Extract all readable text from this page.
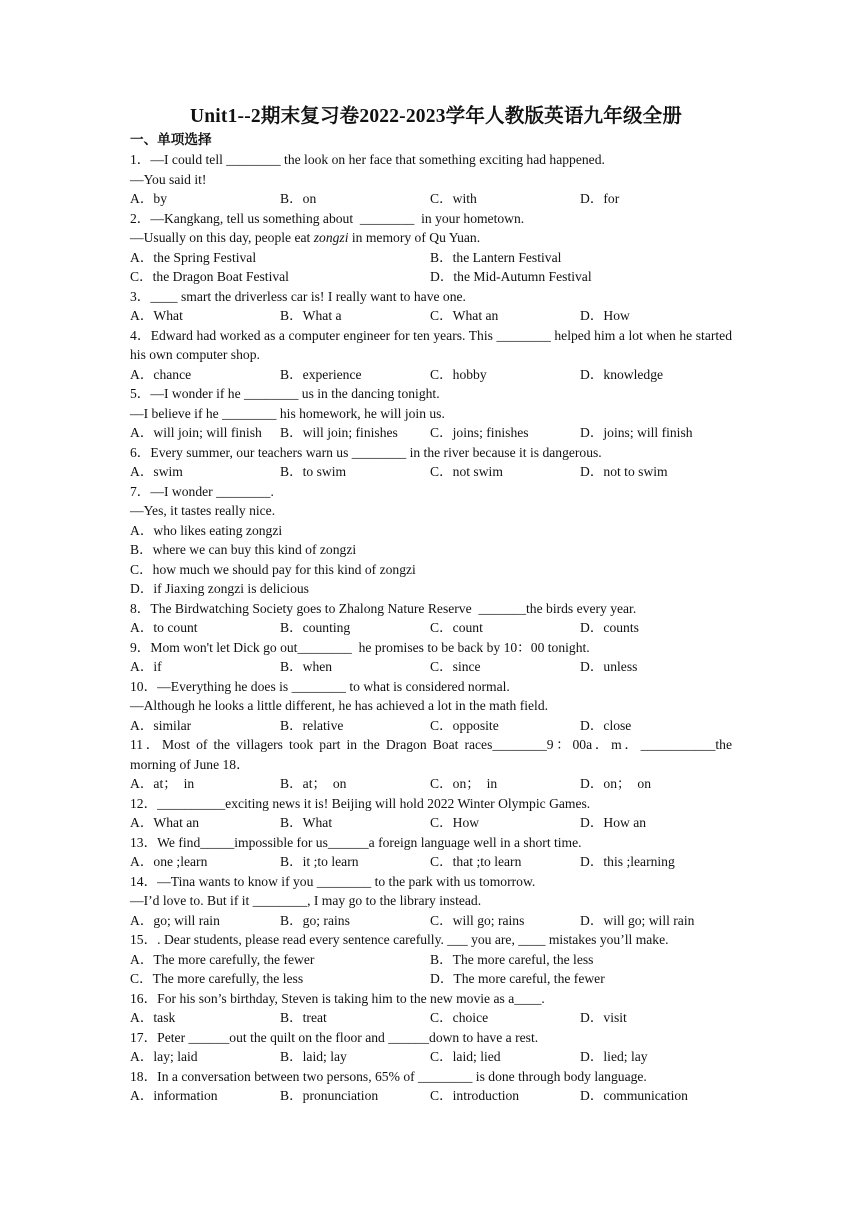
Unit1--2期末复习卷2022-2023学年人教版英语九年级全册
一、单项选择
1．—I could tell ________ the look on her face that something exciting had happened.
—You said it!
A．by	B．on	C．with	D．for
2．—Kangkang, tell us something about  ________  in your hometown.
—Usually on this day, people eat zongzi in memory of Qu Yuan.
A．the Spring Festival	B．the Lantern Festival
C．the Dragon Boat Festival	D．the Mid-Autumn Festival
3．____ smart the driverless car is! I really want to have one.
A．What	B．What a	C．What an	D．How
4．Edward had worked as a computer engineer for ten years. This ________ helped him a lot when he started his own computer shop.
A．chance	B．experience	C．hobby	D．knowledge
5．—I wonder if he ________ us in the dancing tonight.
—I believe if he ________ his homework, he will join us.
A．will join; will finish	B．will join; finishes	C．joins; finishes	D．joins; will finish
6．Every summer, our teachers warn us ________ in the river because it is dangerous.
A．swim	B．to swim	C．not swim	D．not to swim
7．—I wonder ________.
—Yes, it tastes really nice.
A．who likes eating zongzi
B．where we can buy this kind of zongzi
C．how much we should pay for this kind of zongzi
D．if Jiaxing zongzi is delicious
8．The Birdwatching Society goes to Zhalong Nature Reserve  _______the birds every year.
A．to count	B．counting	C．count	D．counts
9．Mom won't let Dick go out________  he promises to be back by 10：00 tonight.
A．if	B．when	C．since	D．unless
10．—Everything he does is ________ to what is considered normal.
—Although he looks a little different, he has achieved a lot in the math field.
A．similar	B．relative	C．opposite	D．close
11．Most of the villagers took part in the Dragon Boat races________9：00a．m．___________the morning of June 18．
A．at；  in	B．at；  on	C．on；  in	D．on；  on
12．__________exciting news it is! Beijing will hold 2022 Winter Olympic Games.
A．What an	B．What	C．How	D．How an
13．We find_____impossible for us______a foreign language well in a short time.
A．one ;learn	B．it ;to learn	C．that ;to learn	D．this ;learning
14．—Tina wants to know if you ________ to the park with us tomorrow.
—I’d love to. But if it ________, I may go to the library instead.
A．go; will rain	B．go; rains	C．will go; rains	D．will go; will rain
15．. Dear students, please read every sentence carefully. ___ you are, ____ mistakes you’ll make.
A．The more carefully, the fewer	B．The more careful, the less
C．The more carefully, the less	D．The more careful, the fewer
16．For his son’s birthday, Steven is taking him to the new movie as a____.
A．task	B．treat	C．choice	D．visit
17．Peter ______out the quilt on the floor and ______down to have a rest.
A．lay; laid	B．laid; lay	C．laid; lied	D．lied; lay
18．In a conversation between two persons, 65% of ________ is done through body language.
A．information	B．pronunciation	C．introduction	D．communication
